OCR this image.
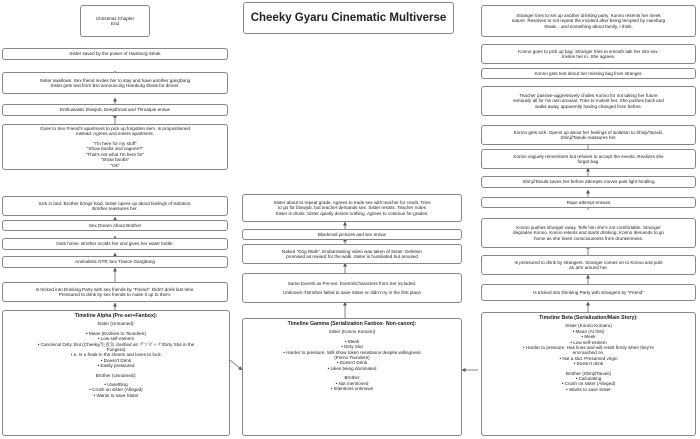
Cheeky Gyaru Cinematic Multiverse
Christmas Chapter
End
Sister saved by the power of Hamburg Steak
Sister swallows. Sex friend invites her to stay and have another gangbang
Sister gets text from Bro announcing Hamburg Steak for dinner.
Enthusiastic blowjob, Deepthroat and Throatpie ensue
Goes to Sex Friend's apartment to pick up forgotten item. Is propositioned
instead. Agrees and enters apartment.
"I'm here for my stuff"
"Show boobs and vagene?"
"That's not what I'm here for"
"Show boobs"
"Ok"
Sick in bed. Brother brings food. Sister opens up about feelings of isolation.
Brother reassures her.
Sex Dream About Brother
Gets home. Brother scolds her and gives her water bottle.
Animalistic NTR Sex Trance Gangbang
Is tricked into Drinking Party with sex friends by "Friend". Didn't drink last time.
Pressured to drink by sex friends to make it up to them.
Timeline Alpha (Pre-ser+Fanbox):
Sister (Unnamed):
• Mean (Evolves to Tsundere)
• Low self-esteem
• Canonical Dirty Slut (Cheeky/生意気 clarified as ヴソビッチ/Dirty Slut in the
Fungera)
I.e. Is a freak in the sheets and loves to fuck
• Doesn't Drink
• Easily pressured
Brother (Unnamed):
• Unsettling
• Crush on sister (Alleged)
• Wants to save Sister
Sister about to repeat grade. Agrees to trade sex with teacher for credit. Tries
to go for blowjob, but teacher demands sex. Sister resists. Teacher notes
Sister is drunk. Sister quietly denies nothing. Agrees to continue for grades.
Blackmail pictures and sex ensue
Naked "Dog Walk". Embarrassing video was taken of Sister. Deletion
promised as reward for the walk. Sister is humiliated but aroused
Same Events as Pre-ser. Events/Characters from Ser included.
Unknown if Brother failed to save Sister or didn't try in the first place
Timeline Gamma (Serialization Fanbox- Non-canon):
Sister (Konno Komaru)
• Meek
• Dirty Slut
• Harder to pressure. Will show token resistance despite willingness
(Porno Tsundere)
• Doesn't Drink
• Likes being dominated
Brother
• Not mentioned
• Intentions unknown
Stranger tries to set up another drinking party. Konno resents her meek
nature. Resolves to not repeat the incident after being tempted by Hamburg
Steak... and something about family, I think.
Konno goes to pick up bag. Stranger tries to smooth talk her into sex.
Invites her in. She agrees.
Konno gets text about her missing bag from stranger.
Teacher passive-aggressively chides Konno for not taking her future
seriously all for his own arousal. Tries to molest her. She pushes back and
walks away, apparently having changed from before.
Konno gets sick. Opens up about her feelings of isolation to Shinji/Tanuki.
Shinji/Tanuki reassures her.
Konno vaguely remembers but refuses to accept the events. Realizes she
forgot bag.
Shinji/Tanuki saves her before attempts moves past light fondling
Rape attempt ensues
Konno pushes stranger away. Tells him she's not comfortable. Stranger
degrades Konno. Konno relents and starts drinking. Konno demands to go
home as she loses consciousness from drunkenness.
Is pressured to drink by strangers. Stranger comes on to Konno and puts
an arm around her.
Is tricked into Drinking Party with strangers by "Friend"
Timeline Beta (Serialization/Main Story):
Sister (Konno Komaru)
• Mean (At first)
• Meek
• Low self-esteem
• Harder to pressure. Has lines and will resist firmly when they're
encroached on.
• Not a slut. Presumed virgin
• Doesn't drink
Brother (Shinji/Tanuki)
• Calculating
• Crush on sister (Alleged)
• Wants to save Sister
